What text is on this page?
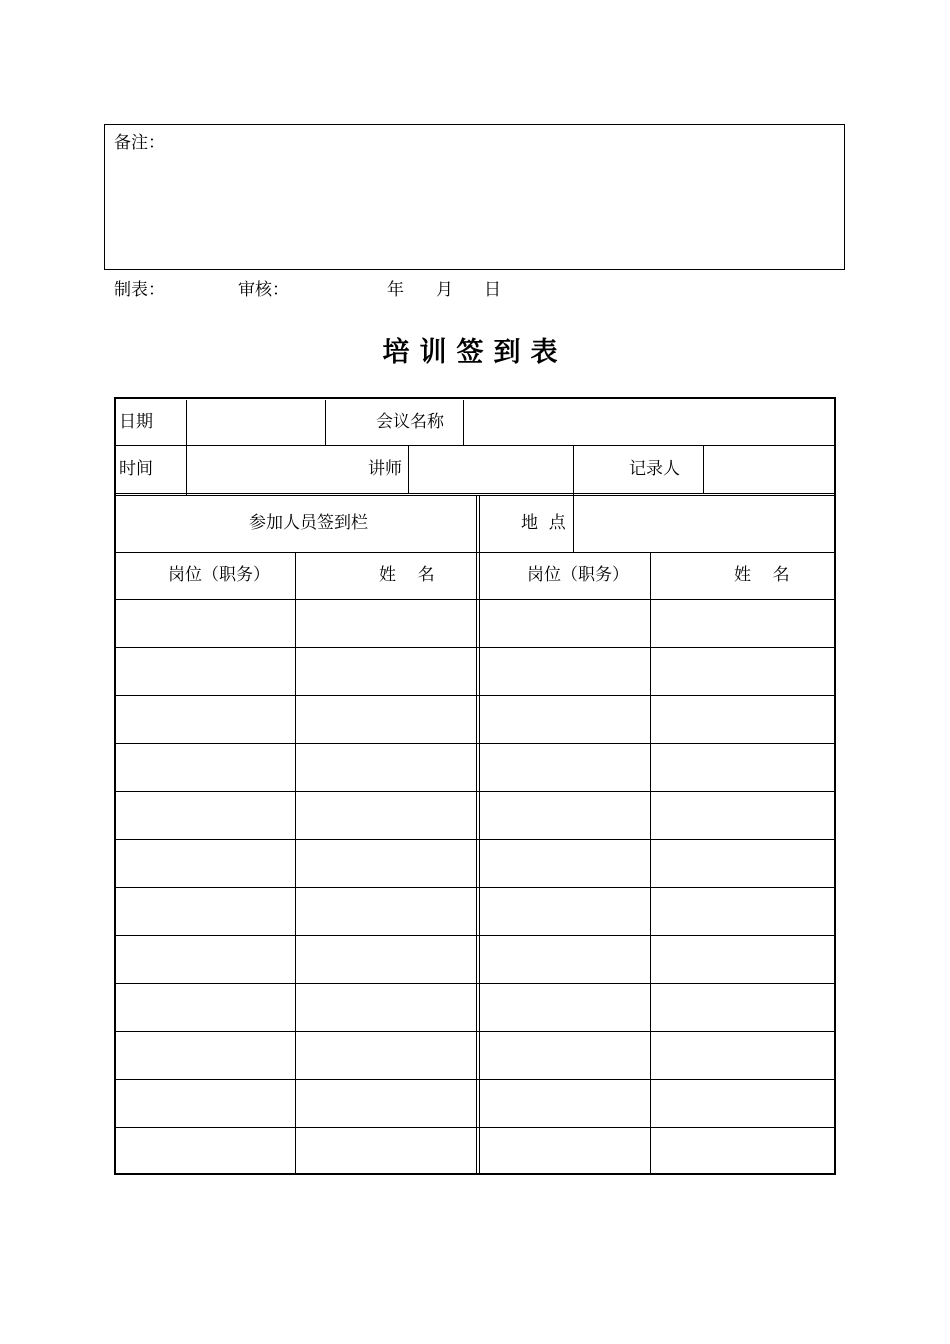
备注：
制表：	审核：	年 月 日
培训签到表
日期	会议名称
时间	讲师	记录人
参加人员签到栏	地  点
岗位（职务）	姓    名	岗位（职务）	姓    名
